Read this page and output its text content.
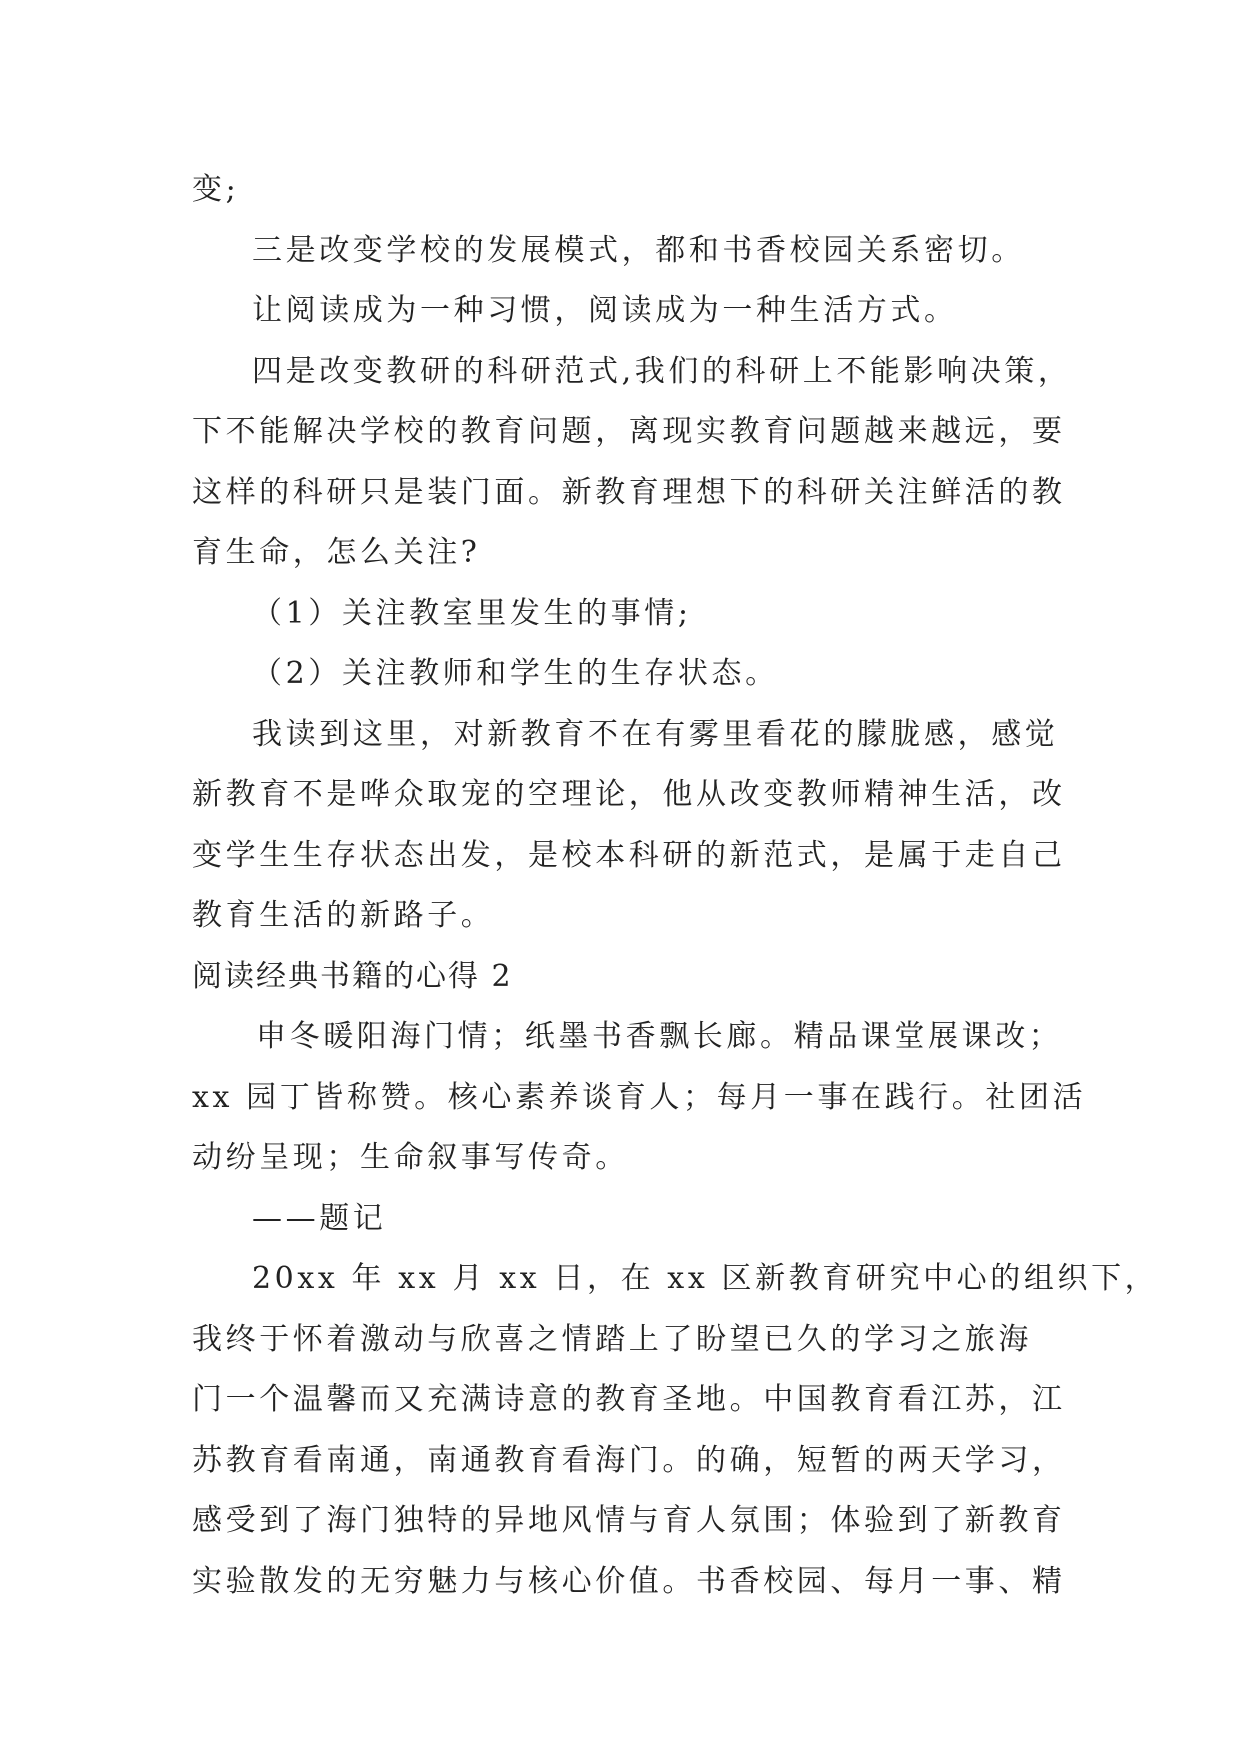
变;
三是改变学校的发展模式，都和书香校园关系密切。
让阅读成为一种习惯，阅读成为一种生活方式。
四是改变教研的科研范式,我们的科研上不能影响决策，
下不能解决学校的教育问题，离现实教育问题越来越远，要
这样的科研只是装门面。新教育理想下的科研关注鲜活的教
育生命，怎么关注?
（1）关注教室里发生的事情;
（2）关注教师和学生的生存状态。
我读到这里，对新教育不在有雾里看花的朦胧感，感觉
新教育不是哗众取宠的空理论，他从改变教师精神生活，改
变学生生存状态出发，是校本科研的新范式，是属于走自己
教育生活的新路子。
阅读经典书籍的心得 2
申冬暖阳海门情；纸墨书香飘长廊。精品课堂展课改；
xx 园丁皆称赞。核心素养谈育人；每月一事在践行。社团活
动纷呈现；生命叙事写传奇。
——题记
20xx 年 xx 月 xx 日，在 xx 区新教育研究中心的组织下，
我终于怀着激动与欣喜之情踏上了盼望已久的学习之旅海
门一个温馨而又充满诗意的教育圣地。中国教育看江苏，江
苏教育看南通，南通教育看海门。的确，短暂的两天学习，
感受到了海门独特的异地风情与育人氛围；体验到了新教育
实验散发的无穷魅力与核心价值。书香校园、每月一事、精
